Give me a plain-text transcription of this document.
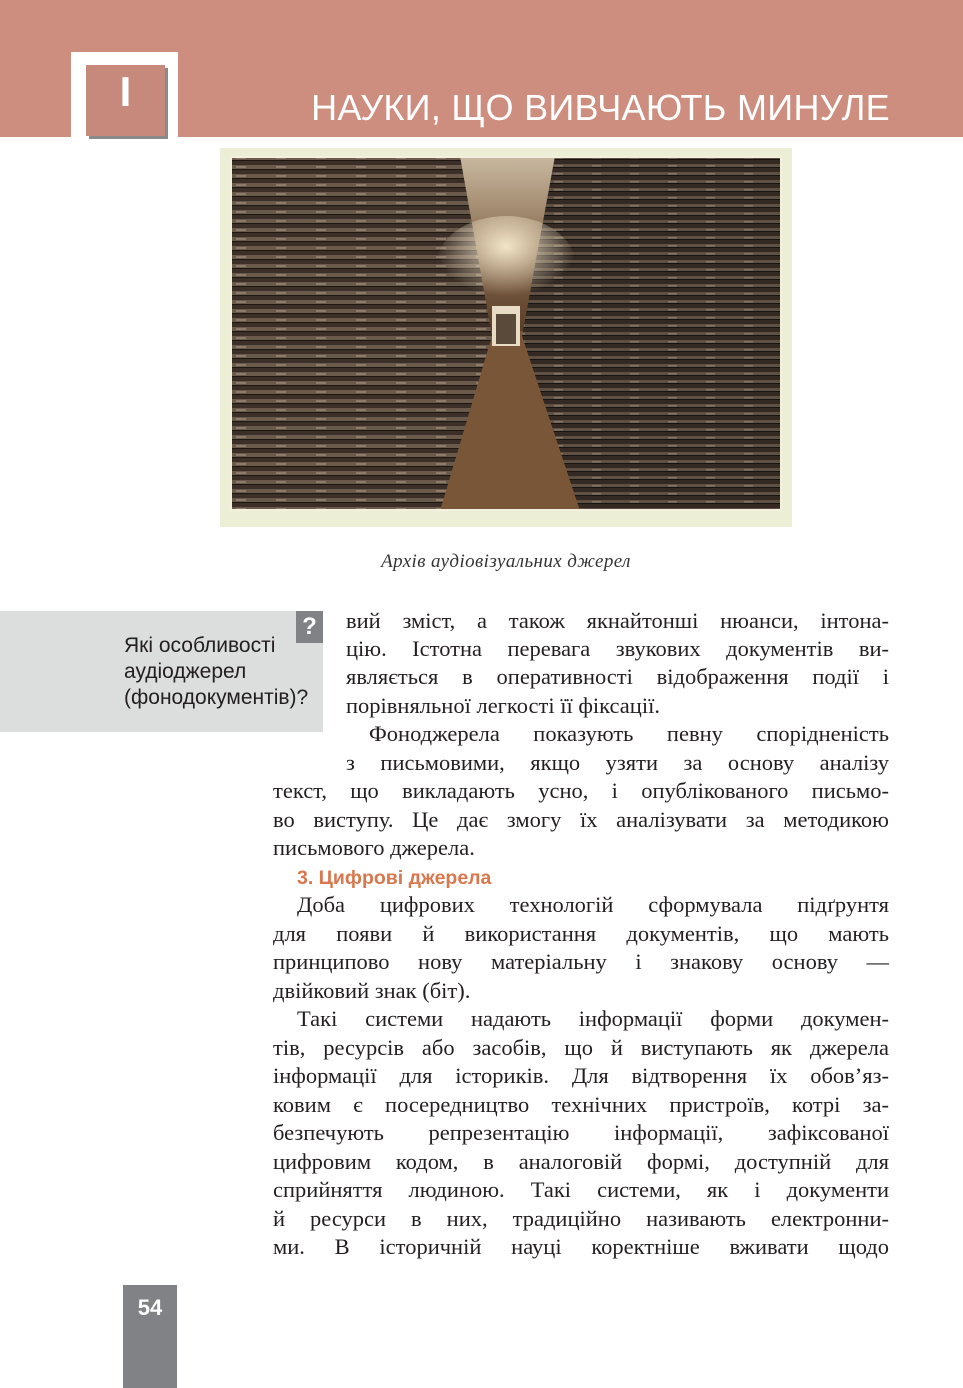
I	НАУКИ, ЩО ВИВЧАЮТЬ МИНУЛЕ
Архів аудіовізуальних джерел
?
Які особливості аудіоджерел (фонодокументів)?
вий зміст, а також якнайтонші нюанси, інтона-
цію. Істотна перевага звукових документів ви-
являється в оперативності відображення події і
порівняльної легкості її фіксації.
Фоноджерела показують певну спорідненість
з письмовими, якщо узяти за основу аналізу
текст, що викладають усно, і опублікованого письмо-
во виступу. Це дає змогу їх аналізувати за методикою
письмового джерела.
3. Цифрові джерела
Доба цифрових технологій сформувала підґрунтя
для появи й використання документів, що мають
принципово нову матеріальну і знакову основу —
двійковий знак (біт).
Такі системи надають інформації форми докумен-
тів, ресурсів або засобів, що й виступають як джерела
інформації для істориків. Для відтворення їх обов’яз-
ковим є посередництво технічних пристроїв, котрі за-
безпечують репрезентацію інформації, зафіксованої
цифровим кодом, в аналоговій формі, доступній для
сприйняття людиною. Такі системи, як і документи
й ресурси в них, традиційно називають електронни-
ми. В історичній науці коректніше вживати щодо
54
